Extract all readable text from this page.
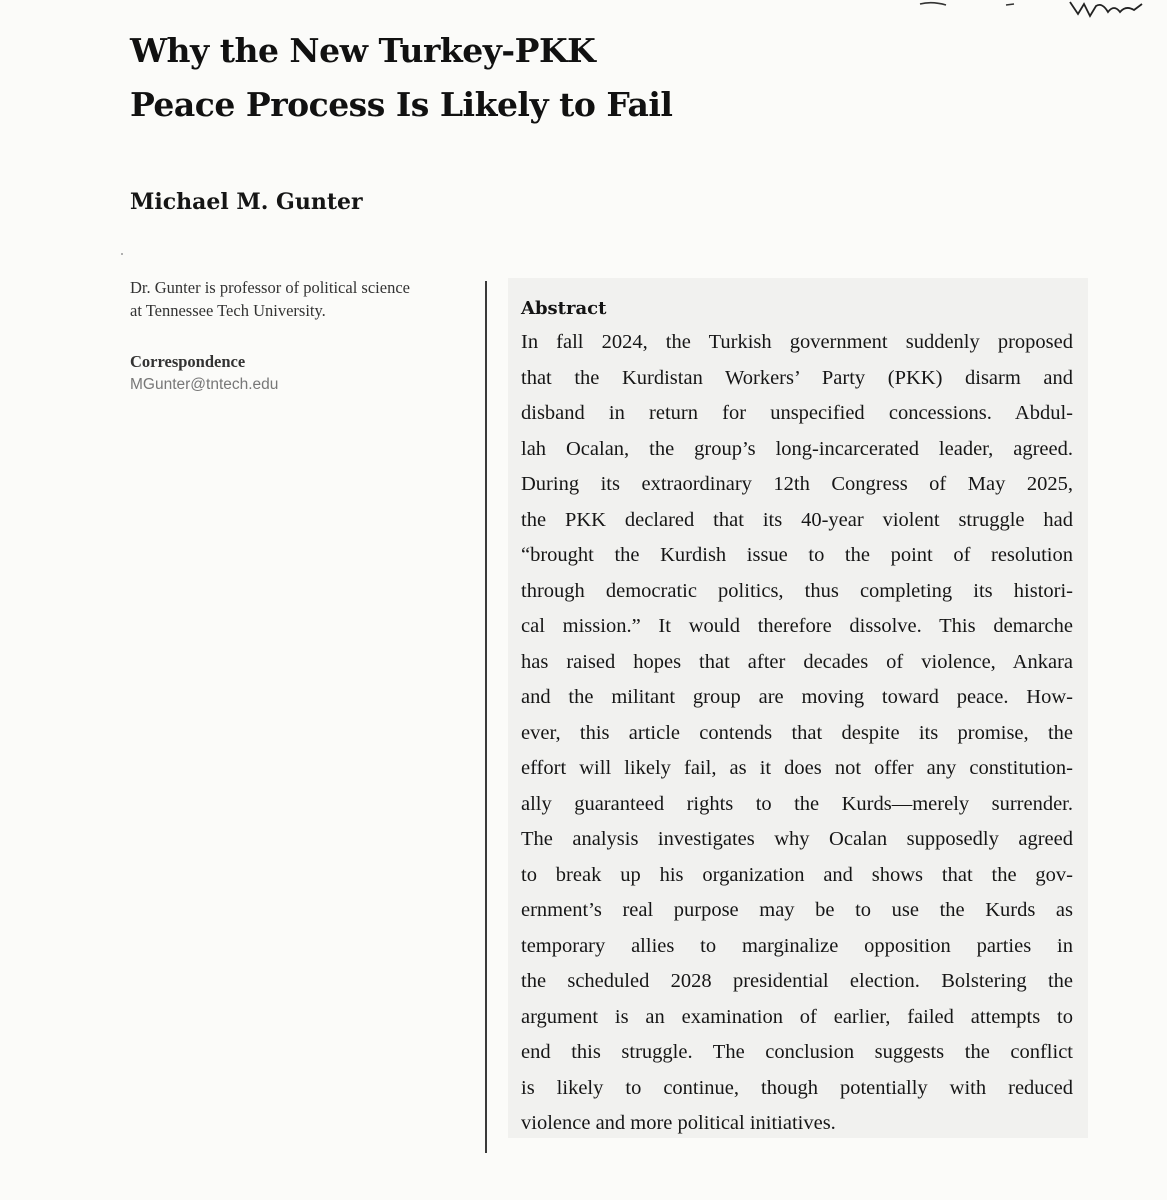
Why the New Turkey-PKK
Peace Process Is Likely to Fail
Michael M. Gunter

Dr. Gunter is professor of political science
at Tennessee Tech University.

Correspondence

MGunter@tntech.edu

Abstract
In fall 2024, the Turkish government suddenly proposed
that the Kurdistan Workers’ Party (PKK) disarm and
disband in return for unspecified concessions. Abdul-
lah Ocalan, the group’s long-incarcerated leader, agreed.
During its extraordinary 12th Congress of May 2025,
the PKK declared that its 40-year violent struggle had
“brought the Kurdish issue to the point of resolution
through democratic politics, thus completing its histori-
cal mission.” It would therefore dissolve. This demarche
has raised hopes that after decades of violence, Ankara
and the militant group are moving toward peace. How-
ever, this article contends that despite its promise, the
effort will likely fail, as it does not offer any constitution-
ally guaranteed rights to the Kurds—merely surrender.
The analysis investigates why Ocalan supposedly agreed
to break up his organization and shows that the gov-
ernment’s real purpose may be to use the Kurds as
temporary allies to marginalize opposition parties in
the scheduled 2028 presidential election. Bolstering the
argument is an examination of earlier, failed attempts to
end this struggle. The conclusion suggests the conflict
is likely to continue, though potentially with reduced
violence and more political initiatives.
